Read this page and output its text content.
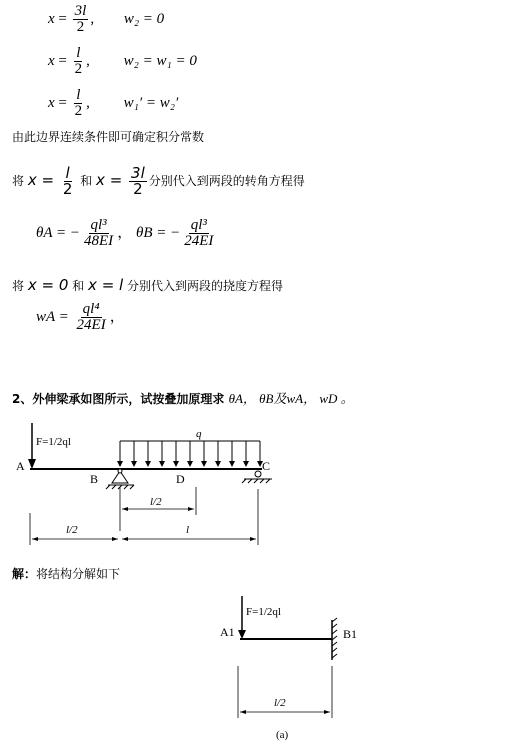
$x = \frac{3l}{2}$ , w₂ = 0
$x = \frac{l}{2}$ , w₂ = w₁ = 0
$x = \frac{l}{2}$ , w₁′ = w₂′
由此边界连续条件即可确定积分常数
将 $x = \frac{l}{2}$ 和 $x = \frac{3l}{2}$ 分别代入到两段的转角方程得
θA = − $\frac{\text{ql³}}{48EI}$ ， θB = − $\frac{\text{ql³}}{24EI}$
将 x = 0 和 x = l 分别代入到两段的挠度方程得
wA = $\frac{\text{ql⁴}}{24EI}$ ，
2、外伸梁承如图所示，试按叠加原理求 θA， θB及wA， wD 。
F=1/2ql
A
B
C
D
q
l/2
l/2	l
解：将结构分解如下
F=1/2ql
A1	B1
l/2
(a)
